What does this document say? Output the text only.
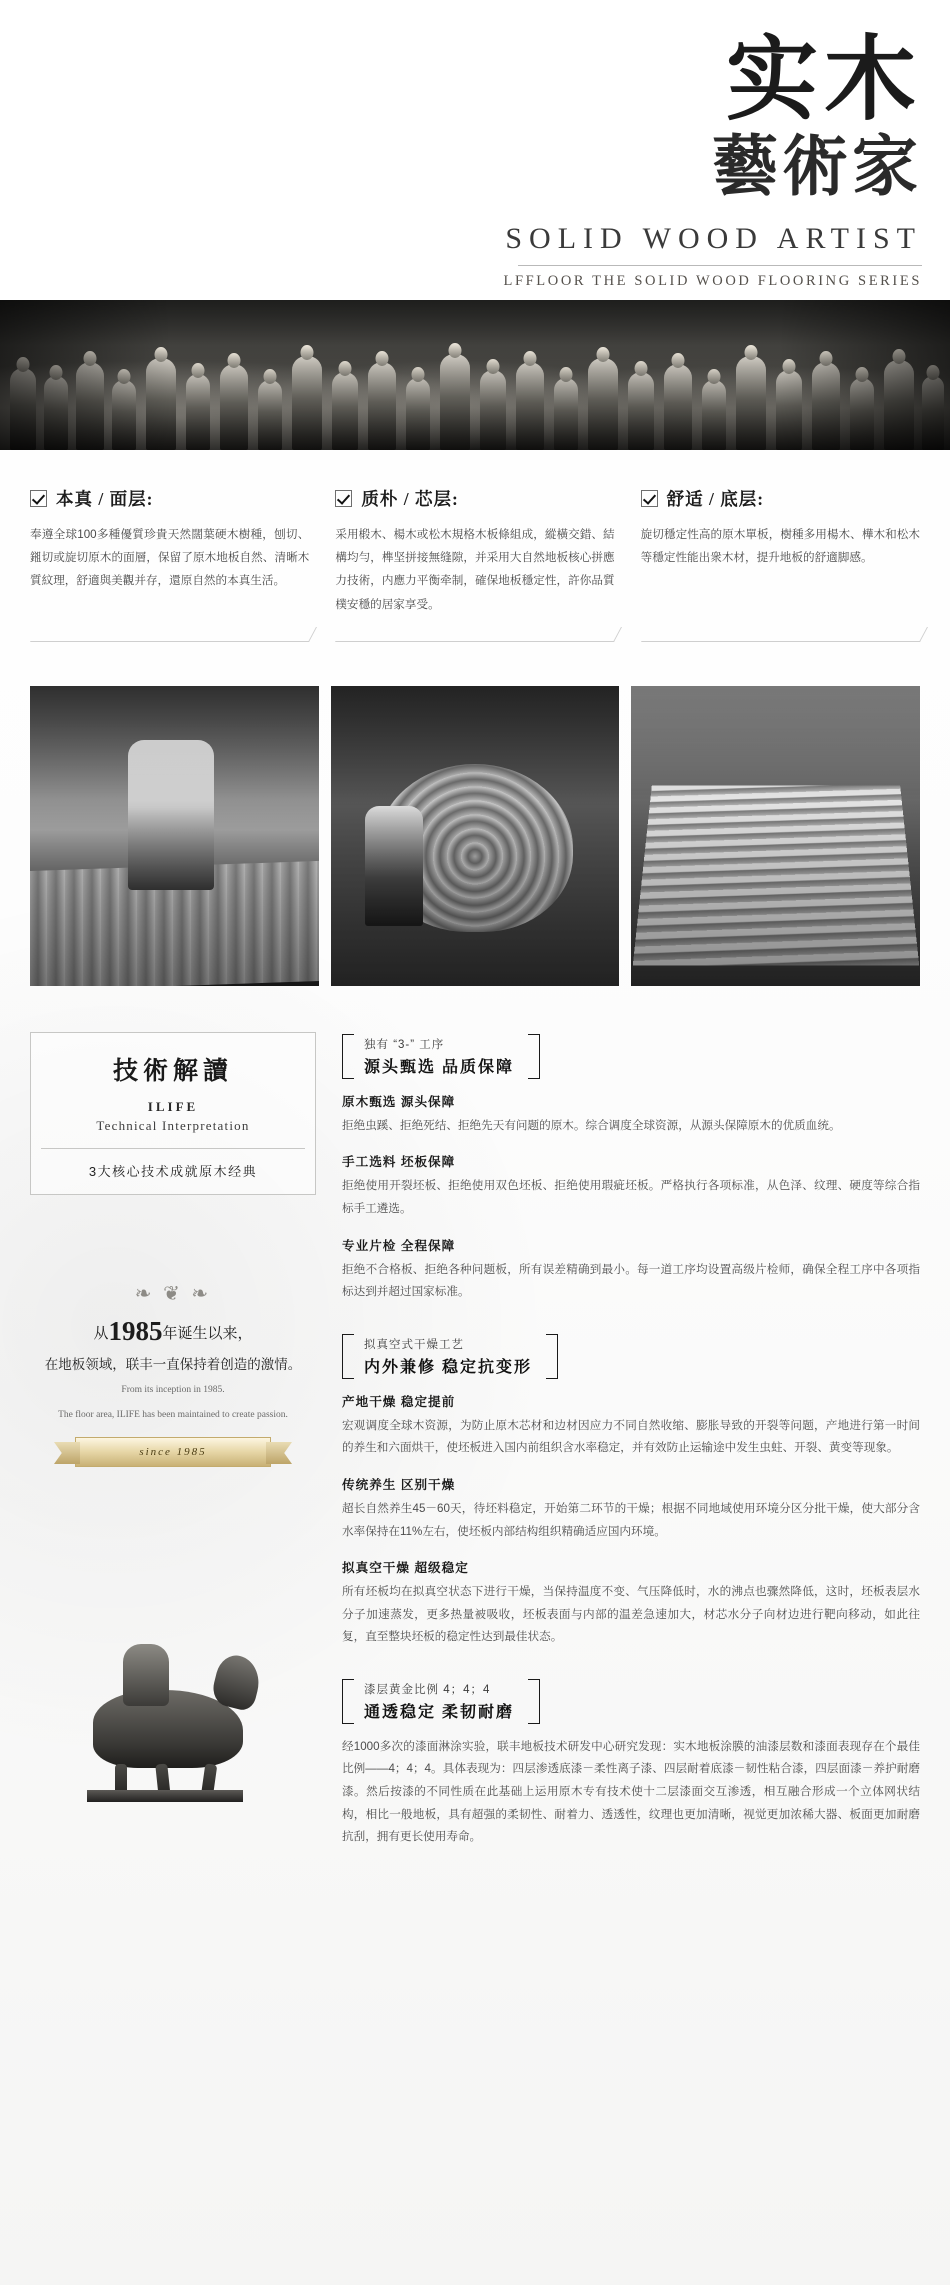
实木
藝術家
SOLID WOOD ARTIST
LFFLOOR THE SOLID WOOD FLOORING SERIES
本真 / 面层:
奉遵全球100多種優質珍貴天然闊葉硬木樹種，刨切、鎺切或旋切原木的面層，保留了原木地板自然、清晰木質紋理，舒適與美觀并存，還原自然的本真生活。
质朴 / 芯层:
采用椴木、楊木或松木規格木板條組成，縱橫交錯、結構均勻，榫坚拼接無缝隙，并采用大自然地板核心拼應力技術，内應力平衡牵制，確保地板穩定性，許你品質樸安穩的居家享受。
舒适 / 底层:
旋切穩定性高的原木單板，樹種多用楊木、樺木和松木等穩定性能出衆木材，提升地板的舒適脚感。
技術解讀
ILIFE
Technical Interpretation
3大核心技术成就原木经典
❧ ❦ ❧
从1985年诞生以来，
在地板领域，联丰一直保持着创造的激情。
From its inception in 1985.
The floor area, ILIFE has been maintained to create passion.
since 1985
独有 “3-” 工序
源头甄选 品质保障
原木甄选 源头保障
拒绝虫蹊、拒绝死结、拒绝先天有问题的原木。综合调度全球资源，从源头保障原木的优质血统。
手工选料 坯板保障
拒绝使用开裂坯板、拒绝使用双色坯板、拒绝使用瑕疵坯板。严格执行各项标准，从色泽、纹理、硬度等综合指标手工遴选。
专业片检 全程保障
拒绝不合格板、拒绝各种问题板，所有误差精确到最小。每一道工序均设置高级片检师，确保全程工序中各项指标达到并超过国家标准。
拟真空式干燥工艺
内外兼修 稳定抗变形
产地干燥 稳定提前
宏观调度全球木资源，为防止原木芯材和边材因应力不同自然收缩、膨胀导致的开裂等问题，产地进行第一时间的养生和六面烘干，使坯板进入国内前组织含水率稳定，并有效防止运输途中发生虫蛀、开裂、黄变等现象。
传统养生 区别干燥
超长自然养生45－60天，待坯料稳定，开始第二环节的干燥；根据不同地域使用环境分区分批干燥，使大部分含水率保持在11%左右，使坯板内部结构组织精确适应国内环境。
拟真空干燥 超级稳定
所有坯板均在拟真空状态下进行干燥，当保持温度不变、气压降低时，水的沸点也骤然降低，这时，坯板表层水分子加速蒸发，更多热量被吸收，坯板表面与内部的温差急速加大，材芯水分子向材边进行靶向移动，如此往复，直至整块坯板的稳定性达到最佳状态。
漆层黄金比例 4；4；4
通透稳定 柔韧耐磨
经1000多次的漆面淋涂实验，联丰地板技术研发中心研究发现：实木地板涂膜的油漆层数和漆面表现存在个最佳比例——4；4；4。具体表现为：四层渗透底漆－柔性离子漆、四层耐着底漆－韧性粘合漆，四层面漆－养护耐磨漆。然后按漆的不同性质在此基础上运用原木专有技术使十二层漆面交互渗透，相互融合形成一个立体网状结构，相比一般地板，具有超强的柔韧性、耐着力、透透性，纹理也更加清晰，视觉更加浓稀大器、板面更加耐磨抗刮，拥有更长使用寿命。
